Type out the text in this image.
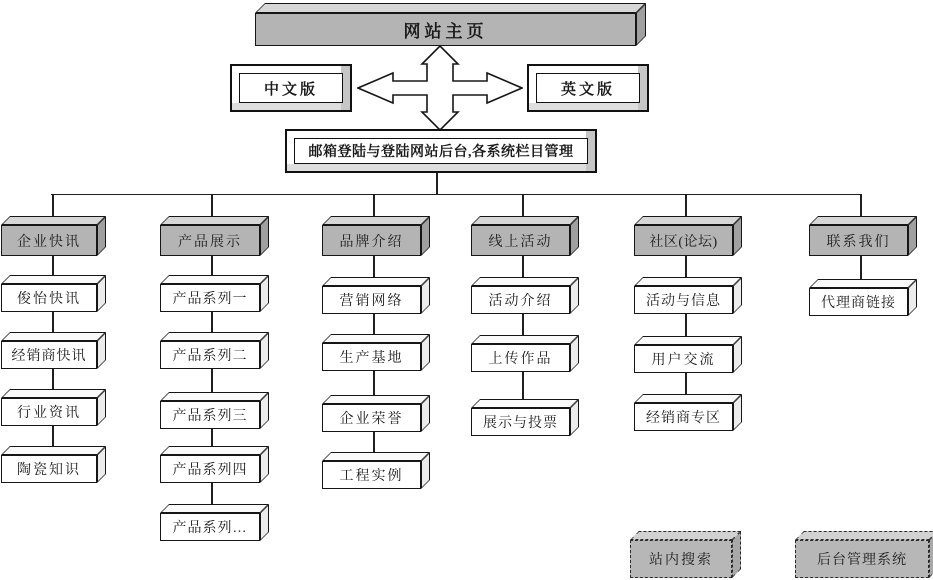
网站主页
中文版	英文版
邮箱登陆与登陆网站后台,各系统栏目管理
企业快讯
俊怡快讯
经销商快讯
行业资讯
陶瓷知识
产品展示
产品系列一
产品系列二
产品系列三
产品系列四
产品系列…
品牌介绍
营销网络
生产基地
企业荣誉
工程实例
线上活动
活动介绍
上传作品
展示与投票
社区(论坛)
活动与信息
用户交流
经销商专区
联系我们
代理商链接
站内搜索	后台管理系统
